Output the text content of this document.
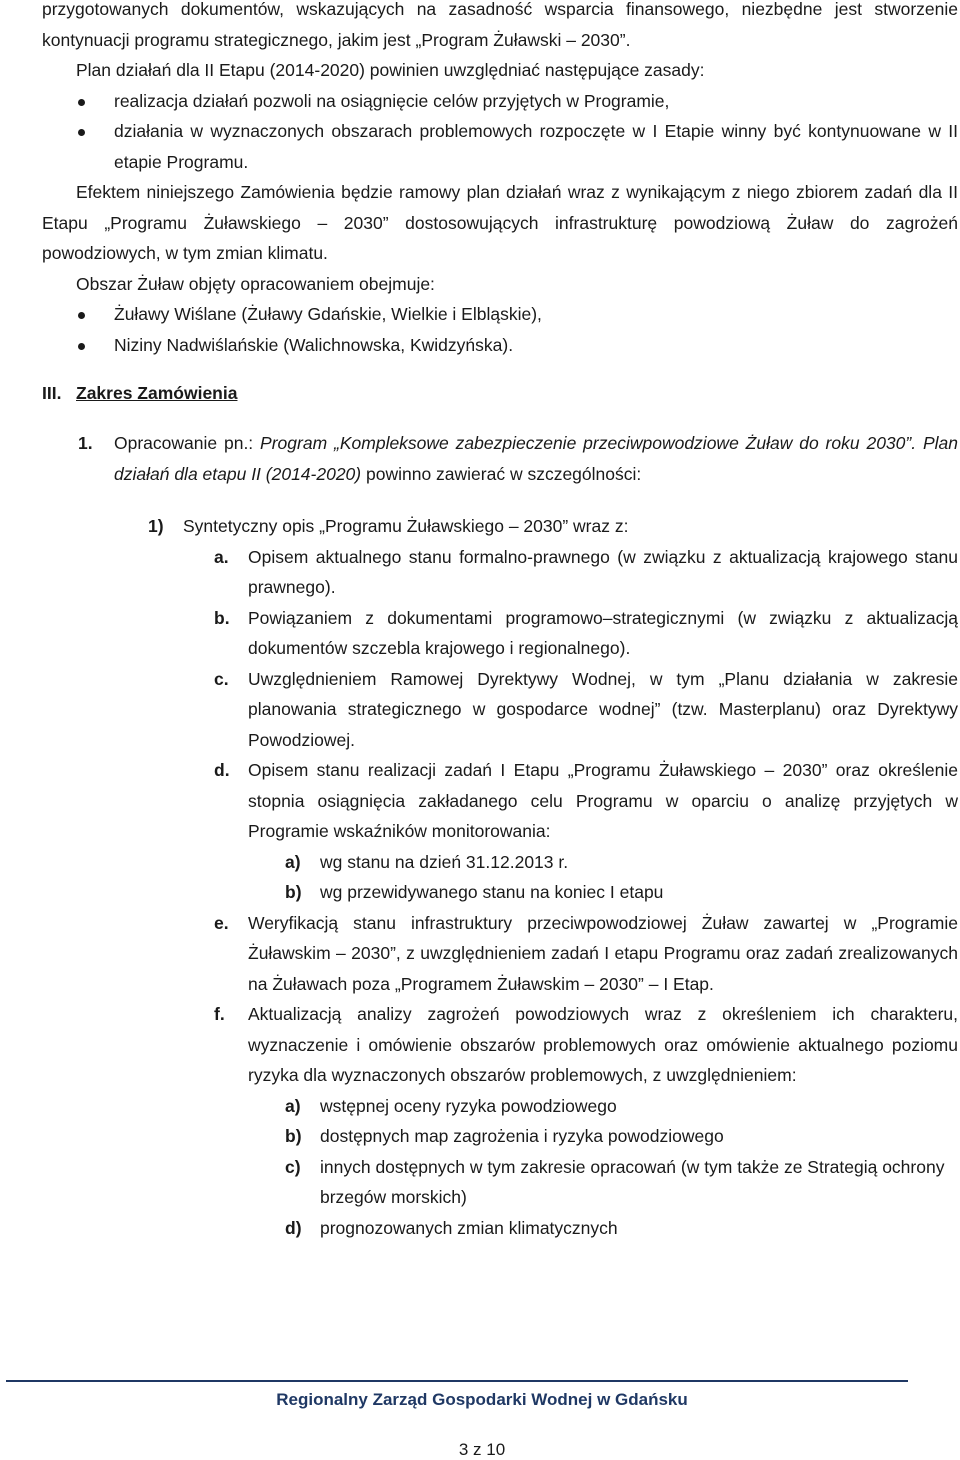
przygotowanych dokumentów, wskazujących na zasadność wsparcia finansowego, niezbędne jest stworzenie kontynuacji programu strategicznego, jakim jest „Program Żuławski – 2030”.

Plan działań dla II Etapu (2014-2020) powinien uwzględniać następujące zasady:

realizacja działań pozwoli na osiągnięcie celów przyjętych w Programie,
działania w wyznaczonych obszarach problemowych rozpoczęte w I Etapie winny być kontynuowane w II etapie Programu.

Efektem niniejszego Zamówienia będzie ramowy plan działań wraz z wynikającym z niego zbiorem zadań dla II Etapu „Programu Żuławskiego – 2030” dostosowujących infrastrukturę powodziową Żuław do zagrożeń powodziowych, w tym zmian klimatu.

Obszar Żuław objęty opracowaniem obejmuje:

Żuławy Wiślane (Żuławy Gdańskie, Wielkie i Elbląskie),
Niziny Nadwiślańskie (Walichnowska, Kwidzyńska).
III. Zakres Zamówienia
1. Opracowanie pn.: Program „Kompleksowe zabezpieczenie przeciwpowodziowe Żuław do roku 2030”. Plan działań dla etapu II (2014-2020) powinno zawierać w szczególności:
1) Syntetyczny opis „Programu Żuławskiego – 2030” wraz z:
a. Opisem aktualnego stanu formalno-prawnego (w związku z aktualizacją krajowego stanu prawnego).
b. Powiązaniem z dokumentami programowo–strategicznymi (w związku z aktualizacją dokumentów szczebla krajowego i regionalnego).
c. Uwzględnieniem Ramowej Dyrektywy Wodnej, w tym „Planu działania w zakresie planowania strategicznego w gospodarce wodnej” (tzw. Masterplanu) oraz Dyrektywy Powodziowej.
d. Opisem stanu realizacji zadań I Etapu „Programu Żuławskiego – 2030” oraz określenie stopnia osiągnięcia zakładanego celu Programu w oparciu o analizę przyjętych w Programie wskaźników monitorowania:
a) wg stanu na dzień 31.12.2013 r.
b) wg przewidywanego stanu na koniec I etapu
e. Weryfikacją stanu infrastruktury przeciwpowodziowej Żuław zawartej w „Programie Żuławskim – 2030”, z uwzględnieniem zadań I etapu Programu oraz zadań zrealizowanych na Żuławach poza „Programem Żuławskim – 2030” – I Etap.
f. Aktualizacją analizy zagrożeń powodziowych wraz z określeniem ich charakteru, wyznaczenie i omówienie obszarów problemowych oraz omówienie aktualnego poziomu ryzyka dla wyznaczonych obszarów problemowych, z uwzględnieniem:
a) wstępnej oceny ryzyka powodziowego
b) dostępnych map zagrożenia i ryzyka powodziowego
c) innych dostępnych w tym zakresie opracowań (w tym także ze Strategią ochrony brzegów morskich)
d) prognozowanych zmian klimatycznych
Regionalny Zarząd Gospodarki Wodnej w Gdańsku
3 z 10
